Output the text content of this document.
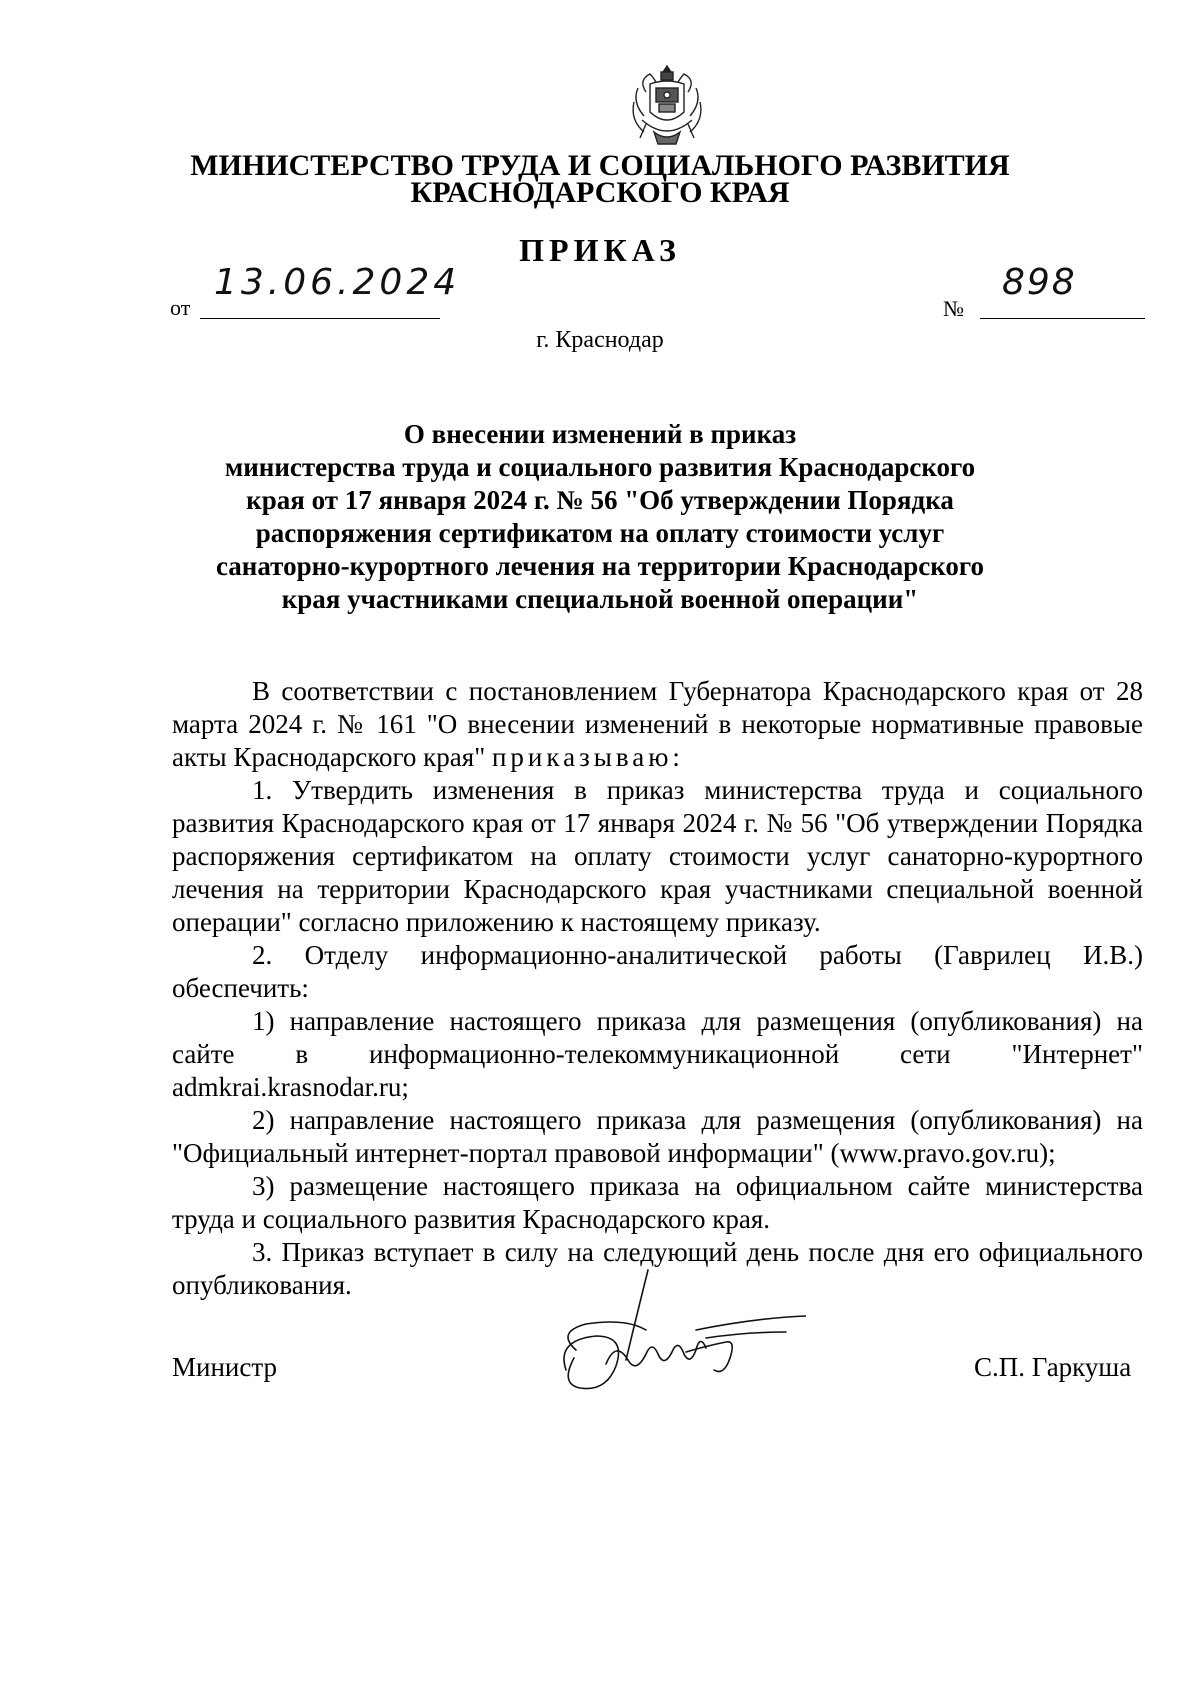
МИНИСТЕРСТВО ТРУДА И СОЦИАЛЬНОГО РАЗВИТИЯ
КРАСНОДАРСКОГО КРАЯ
ПРИКАЗ
от
13.06.2024
№
898
г. Краснодар
О внесении изменений в приказ
министерства труда и социального развития Краснодарского
края от 17 января 2024 г. № 56 "Об утверждении Порядка
распоряжения сертификатом на оплату стоимости услуг
санаторно-курортного лечения на территории Краснодарского
края участниками специальной военной операции"

В соответствии с постановлением Губернатора Краснодарского края от 28 марта 2024 г. № 161 "О внесении изменений в некоторые нормативные правовые акты Краснодарского края" приказываю:

1. Утвердить изменения в приказ министерства труда и социального развития Краснодарского края от 17 января 2024 г. № 56 "Об утверждении Порядка распоряжения сертификатом на оплату стоимости услуг санаторно-курортного лечения на территории Краснодарского края участниками специальной военной операции" согласно приложению к настоящему приказу.

2. Отделу информационно-аналитической работы (Гаврилец И.В.) обеспечить:

1) направление настоящего приказа для размещения (опубликования) на сайте в информационно-телекоммуникационной сети "Интернет" admkrai.krasnodar.ru;

2) направление настоящего приказа для размещения (опубликования) на "Официальный интернет-портал правовой информации" (www.pravo.gov.ru);

3) размещение настоящего приказа на официальном сайте министерства труда и социального развития Краснодарского края.

3. Приказ вступает в силу на следующий день после дня его официального опубликования.

Министр	С.П. Гаркуша
